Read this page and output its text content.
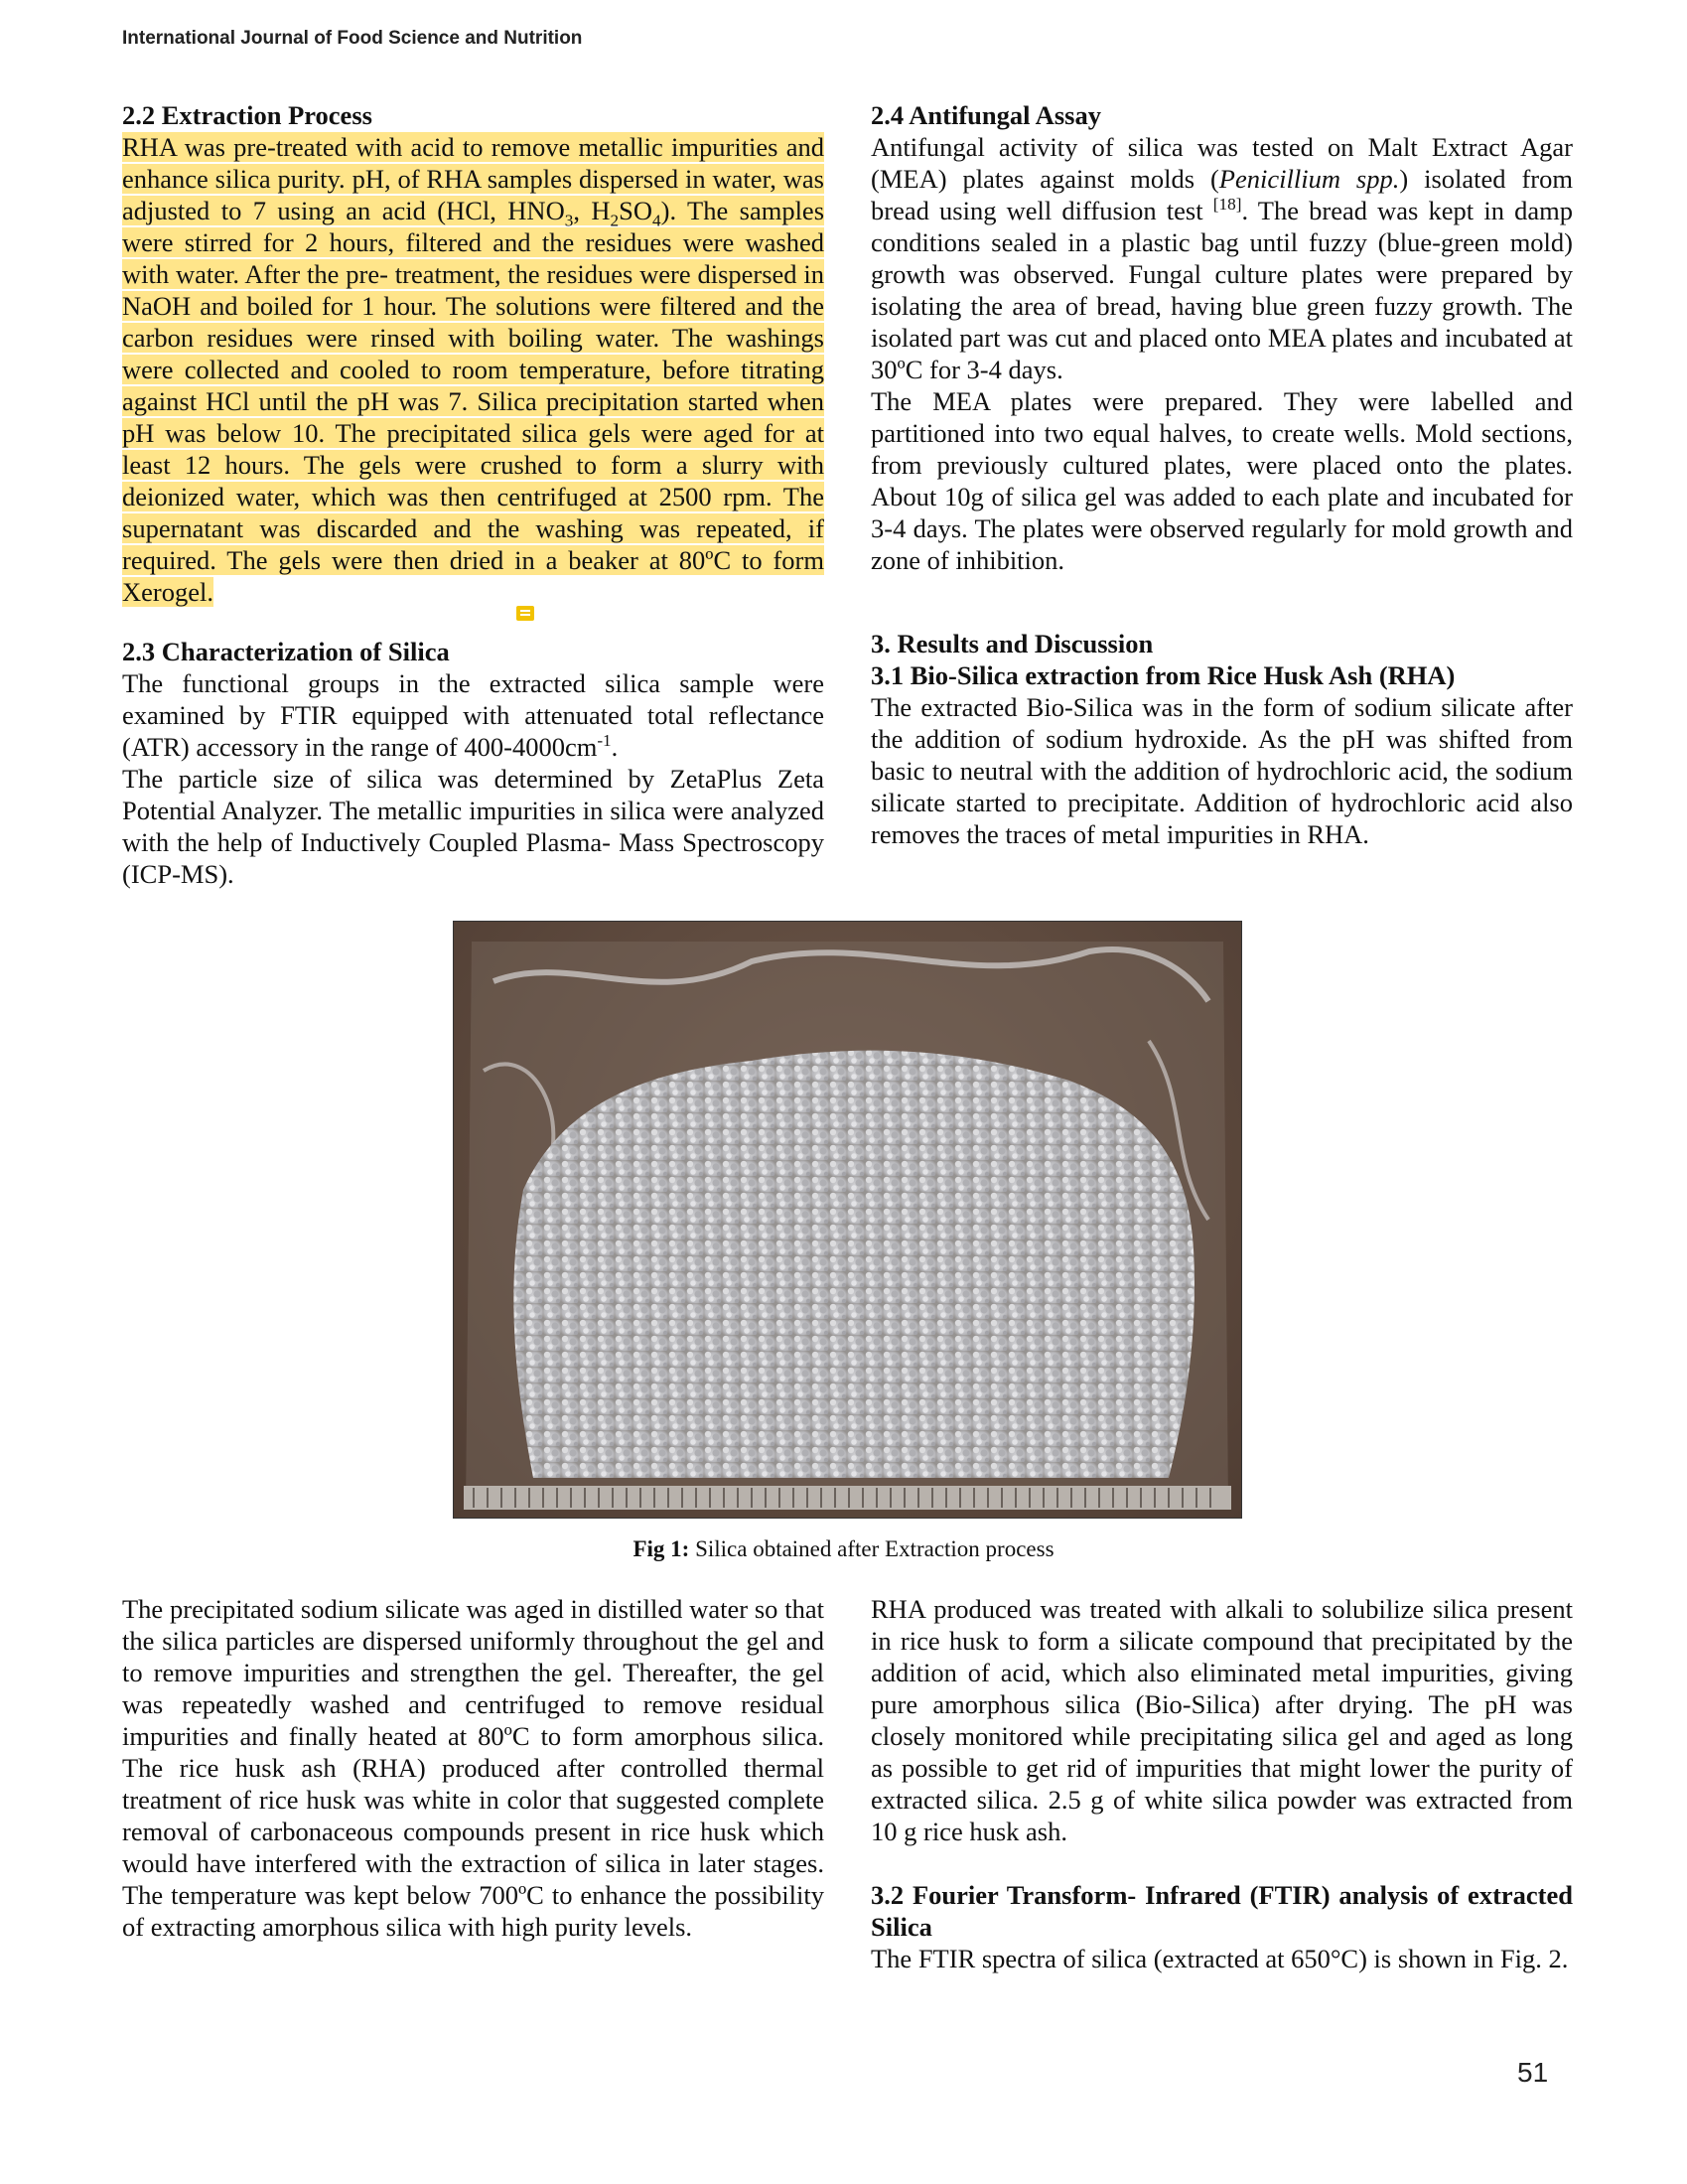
International Journal of Food Science and Nutrition
2.2 Extraction Process

RHA was pre-treated with acid to remove metallic impurities and enhance silica purity. pH, of RHA samples dispersed in water, was adjusted to 7 using an acid (HCl, $HNO_3$, $H_2SO_4$). The samples were stirred for 2 hours, filtered and the residues were washed with water. After the pre- treatment, the residues were dispersed in NaOH and boiled for 1 hour. The solutions were filtered and the carbon residues were rinsed with boiling water. The washings were collected and cooled to room temperature, before titrating against HCl until the pH was 7. Silica precipitation started when pH was below 10. The precipitated silica gels were aged for at least 12 hours. The gels were crushed to form a slurry with deionized water, which was then centrifuged at 2500 rpm. The supernatant was discarded and the washing was repeated, if required. The gels were then dried in a beaker at 80ºC to form Xerogel.

2.3 Characterization of Silica

The functional groups in the extracted silica sample were examined by FTIR equipped with attenuated total reflectance (ATR) accessory in the range of $400-4000cm^{-1}$.

The particle size of silica was determined by ZetaPlus Zeta Potential Analyzer. The metallic impurities in silica were analyzed with the help of Inductively Coupled Plasma- Mass Spectroscopy (ICP-MS).

2.4 Antifungal Assay

Antifungal activity of silica was tested on Malt Extract Agar (MEA) plates against molds (Penicillium spp.) isolated from bread using well diffusion test [18]. The bread was kept in damp conditions sealed in a plastic bag until fuzzy (blue-green mold) growth was observed. Fungal culture plates were prepared by isolating the area of bread, having blue green fuzzy growth. The isolated part was cut and placed onto MEA plates and incubated at 30ºC for 3-4 days.

The MEA plates were prepared. They were labelled and partitioned into two equal halves, to create wells. Mold sections, from previously cultured plates, were placed onto the plates. About 10g of silica gel was added to each plate and incubated for 3-4 days. The plates were observed regularly for mold growth and zone of inhibition.

3. Results and Discussion
3.1 Bio-Silica extraction from Rice Husk Ash (RHA)

The extracted Bio-Silica was in the form of sodium silicate after the addition of sodium hydroxide. As the pH was shifted from basic to neutral with the addition of hydrochloric acid, the sodium silicate started to precipitate. Addition of hydrochloric acid also removes the traces of metal impurities in RHA.

Fig 1: Silica obtained after Extraction process

The precipitated sodium silicate was aged in distilled water so that the silica particles are dispersed uniformly throughout the gel and to remove impurities and strengthen the gel. Thereafter, the gel was repeatedly washed and centrifuged to remove residual impurities and finally heated at 80ºC to form amorphous silica. The rice husk ash (RHA) produced after controlled thermal treatment of rice husk was white in color that suggested complete removal of carbonaceous compounds present in rice husk which would have interfered with the extraction of silica in later stages. The temperature was kept below 700ºC to enhance the possibility of extracting amorphous silica with high purity levels.

RHA produced was treated with alkali to solubilize silica present in rice husk to form a silicate compound that precipitated by the addition of acid, which also eliminated metal impurities, giving pure amorphous silica (Bio-Silica) after drying. The pH was closely monitored while precipitating silica gel and aged as long as possible to get rid of impurities that might lower the purity of extracted silica. 2.5 g of white silica powder was extracted from 10 g rice husk ash.

3.2 Fourier Transform- Infrared (FTIR) analysis of extracted Silica

The FTIR spectra of silica (extracted at 650°C) is shown in Fig. 2.

51
